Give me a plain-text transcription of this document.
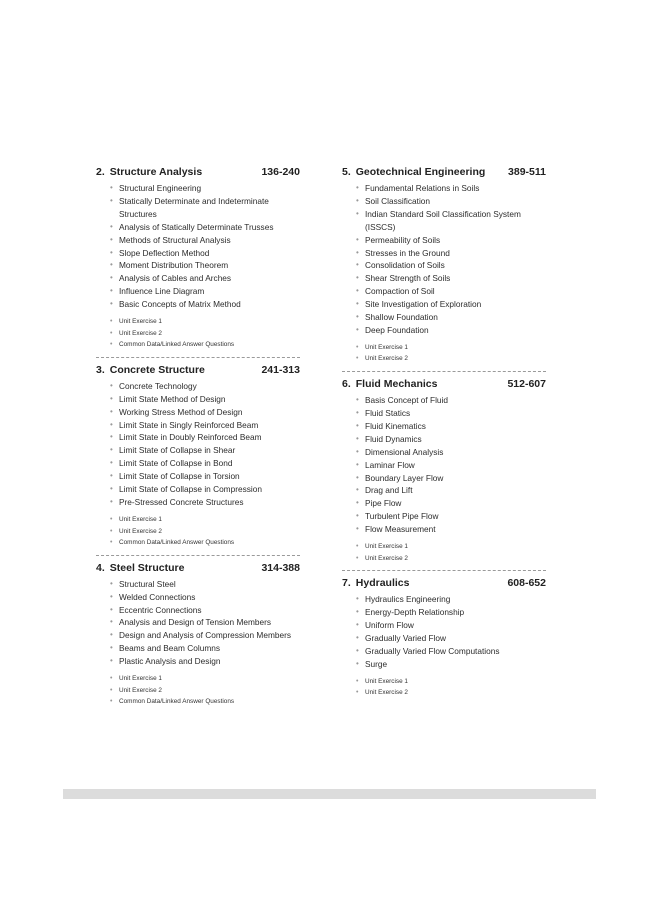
2. Structure Analysis	136-240
• Structural Engineering
• Statically Determinate and Indeterminate Structures
• Analysis of Statically Determinate Trusses
• Methods of Structural Analysis
• Slope Deflection Method
• Moment Distribution Theorem
• Analysis of Cables and Arches
• Influence Line Diagram
• Basic Concepts of Matrix Method
• Unit Exercise 1
• Unit Exercise 2
• Common Data/Linked Answer Questions
3. Concrete Structure	241-313
• Concrete Technology
• Limit State Method of Design
• Working Stress Method of Design
• Limit State in Singly Reinforced Beam
• Limit State in Doubly Reinforced Beam
• Limit State of Collapse in Shear
• Limit State of Collapse in Bond
• Limit State of Collapse in Torsion
• Limit State of Collapse in Compression
• Pre-Stressed Concrete Structures
• Unit Exercise 1
• Unit Exercise 2
• Common Data/Linked Answer Questions
4. Steel Structure	314-388
• Structural Steel
• Welded Connections
• Eccentric Connections
• Analysis and Design of Tension Members
• Design and Analysis of Compression Members
• Beams and Beam Columns
• Plastic Analysis and Design
• Unit Exercise 1
• Unit Exercise 2
• Common Data/Linked Answer Questions
5. Geotechnical Engineering 389-511
• Fundamental Relations in Soils
• Soil Classification
• Indian Standard Soil Classification System (ISSCS)
• Permeability of Soils
• Stresses in the Ground
• Consolidation of Soils
• Shear Strength of Soils
• Compaction of Soil
• Site Investigation of Exploration
• Shallow Foundation
• Deep Foundation
• Unit Exercise 1
• Unit Exercise 2
6. Fluid Mechanics	512-607
• Basis Concept of Fluid
• Fluid Statics
• Fluid Kinematics
• Fluid Dynamics
• Dimensional Analysis
• Laminar Flow
• Boundary Layer Flow
• Drag and Lift
• Pipe Flow
• Turbulent Pipe Flow
• Flow Measurement
• Unit Exercise 1
• Unit Exercise 2
7. Hydraulics	608-652
• Hydraulics Engineering
• Energy-Depth Relationship
• Uniform Flow
• Gradually Varied Flow
• Gradually Varied Flow Computations
• Surge
• Unit Exercise 1
• Unit Exercise 2
